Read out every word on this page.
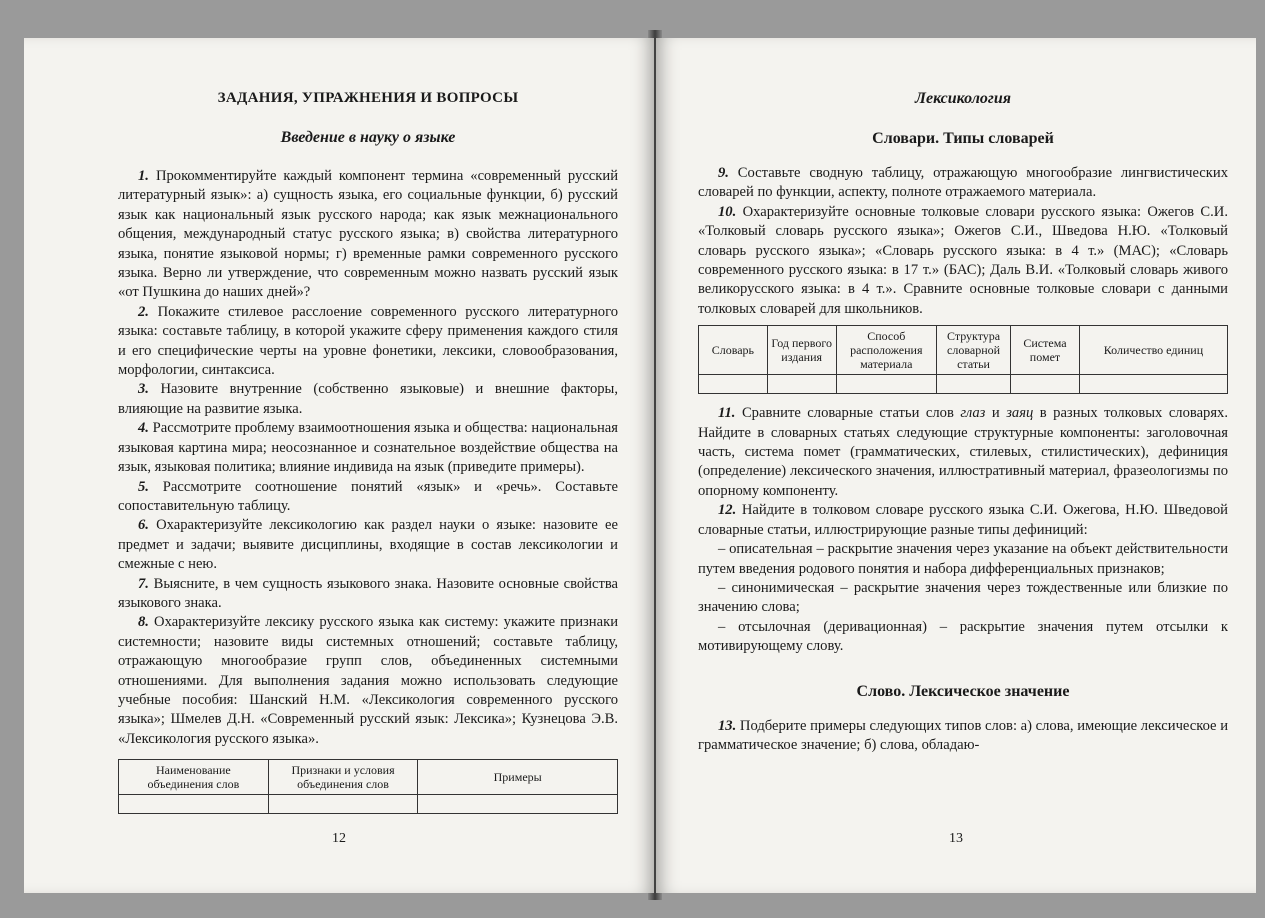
ЗАДАНИЯ, УПРАЖНЕНИЯ И ВОПРОСЫ
Введение в науку о языке

1. Прокомментируйте каждый компонент термина «современный русский литературный язык»: а) сущность языка, его социальные функции, б) русский язык как национальный язык русского народа; как язык межнационального общения, международный статус русского языка; в) свойства литературного языка, понятие языковой нормы; г) временные рамки современного русского языка. Верно ли утверждение, что современным можно назвать русский язык «от Пушкина до наших дней»?

2. Покажите стилевое расслоение современного русского литературного языка: составьте таблицу, в которой укажите сферу применения каждого стиля и его специфические черты на уровне фонетики, лексики, словообразования, морфологии, синтаксиса.

3. Назовите внутренние (собственно языковые) и внешние факторы, влияющие на развитие языка.

4. Рассмотрите проблему взаимоотношения языка и общества: национальная языковая картина мира; неосознанное и сознательное воздействие общества на язык, языковая политика; влияние индивида на язык (приведите примеры).

5. Рассмотрите соотношение понятий «язык» и «речь». Составьте сопоставительную таблицу.

6. Охарактеризуйте лексикологию как раздел науки о языке: назовите ее предмет и задачи; выявите дисциплины, входящие в состав лексикологии и смежные с нею.

7. Выясните, в чем сущность языкового знака. Назовите основные свойства языкового знака.

8. Охарактеризуйте лексику русского языка как систему: укажите признаки системности; назовите виды системных отношений; составьте таблицу, отражающую многообразие групп слов, объединенных системными отношениями. Для выполнения задания можно использовать следующие учебные пособия: Шанский Н.М. «Лексикология современного русского языка»; Шмелев Д.Н. «Современный русский язык: Лексика»; Кузнецова Э.В. «Лексикология русского языка».

Наименование объединения слов	Признаки и условия объединения слов	Примеры

12
Лексикология
Словари. Типы словарей

9. Составьте сводную таблицу, отражающую многообразие лингвистических словарей по функции, аспекту, полноте отражаемого материала.

10. Охарактеризуйте основные толковые словари русского языка: Ожегов С.И. «Толковый словарь русского языка»; Ожегов С.И., Шведова Н.Ю. «Толковый словарь русского языка»; «Словарь русского языка: в 4 т.» (МАС); «Словарь современного русского языка: в 17 т.» (БАС); Даль В.И. «Толковый словарь живого великорусского языка: в 4 т.». Сравните основные толковые словари с данными толковых словарей для школьников.

Словарь	Год первого издания	Способ расположения материала	Структура словарной статьи	Система помет	Количество единиц

11. Сравните словарные статьи слов глаз и заяц в разных толковых словарях. Найдите в словарных статьях следующие структурные компоненты: заголовочная часть, система помет (грамматических, стилевых, стилистических), дефиниция (определение) лексического значения, иллюстративный материал, фразеологизмы по опорному компоненту.

12. Найдите в толковом словаре русского языка С.И. Ожегова, Н.Ю. Шведовой словарные статьи, иллюстрирующие разные типы дефиниций:

– описательная – раскрытие значения через указание на объект действительности путем введения родового понятия и набора дифференциальных признаков;

– синонимическая – раскрытие значения через тождественные или близкие по значению слова;

– отсылочная (деривационная) – раскрытие значения путем отсылки к мотивирующему слову.

Слово. Лексическое значение

13. Подберите примеры следующих типов слов: а) слова, имеющие лексическое и грамматическое значение; б) слова, обладаю-

13
